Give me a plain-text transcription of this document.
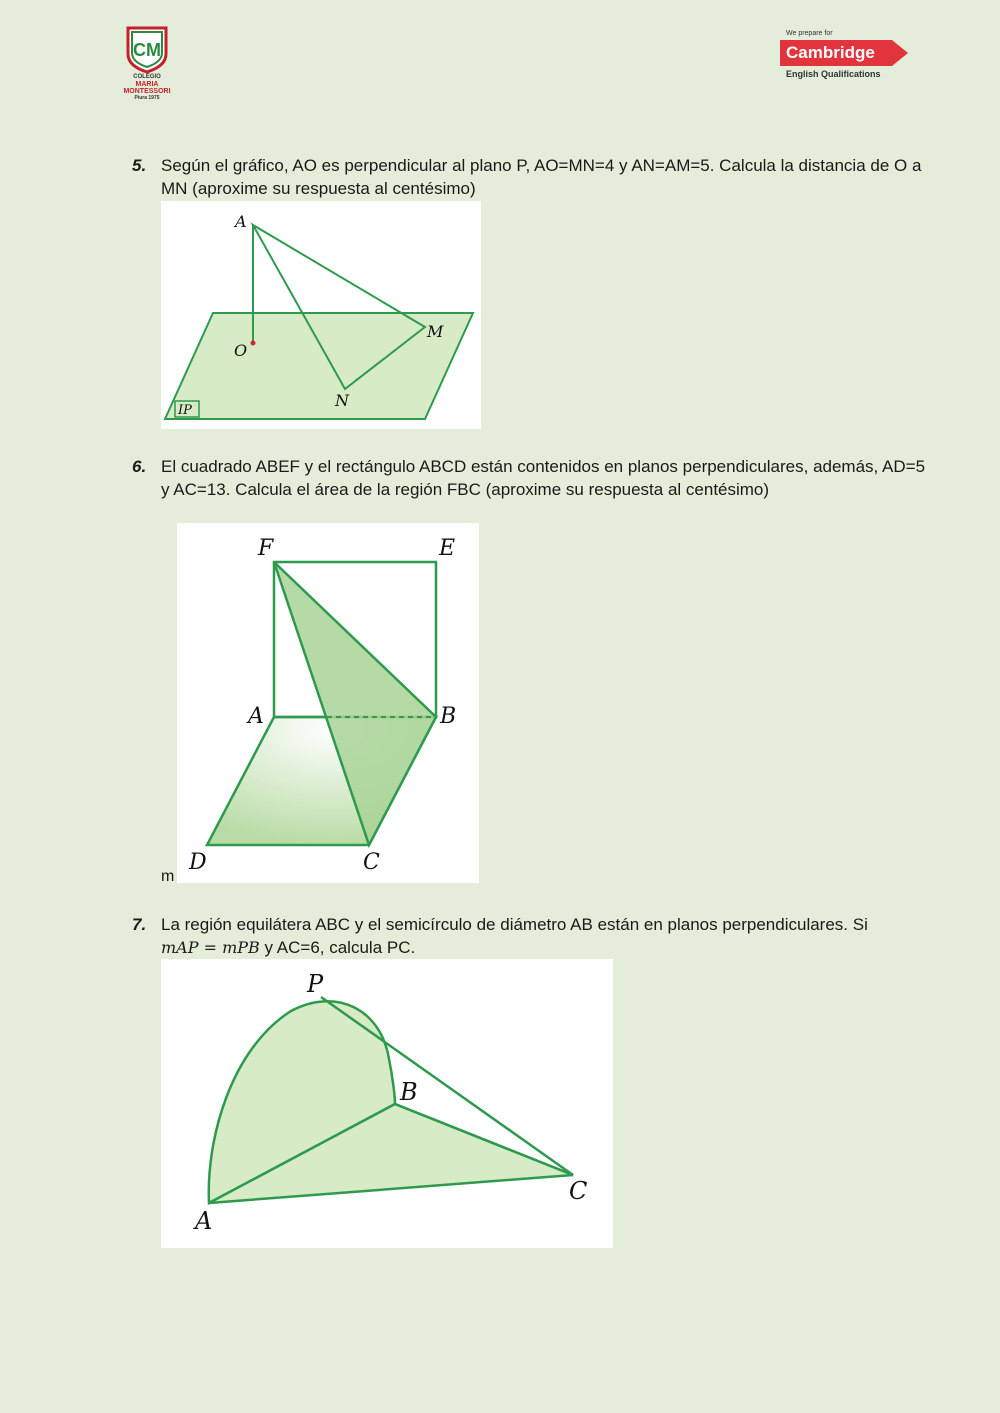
CM
COLEGIO
MARIA
MONTESSORI
Piura 1975
We prepare for
Cambridge
English Qualifications
5. Según el gráfico, AO es perpendicular al plano P, AO=MN=4 y AN=AM=5. Calcula la distancia de O a MN (aproxime su respuesta al centésimo)
A
O
M
N
IP
6. El cuadrado ABEF y el rectángulo ABCD están contenidos en planos perpendiculares, además, AD=5 y AC=13. Calcula el área de la región FBC (aproxime su respuesta al centésimo)
F	E
A	B
D	C
m
7. La región equilátera ABC y el semicírculo de diámetro AB están en planos perpendiculares. Si
mAP = mPB y AC=6, calcula PC.
P
B
A
C
